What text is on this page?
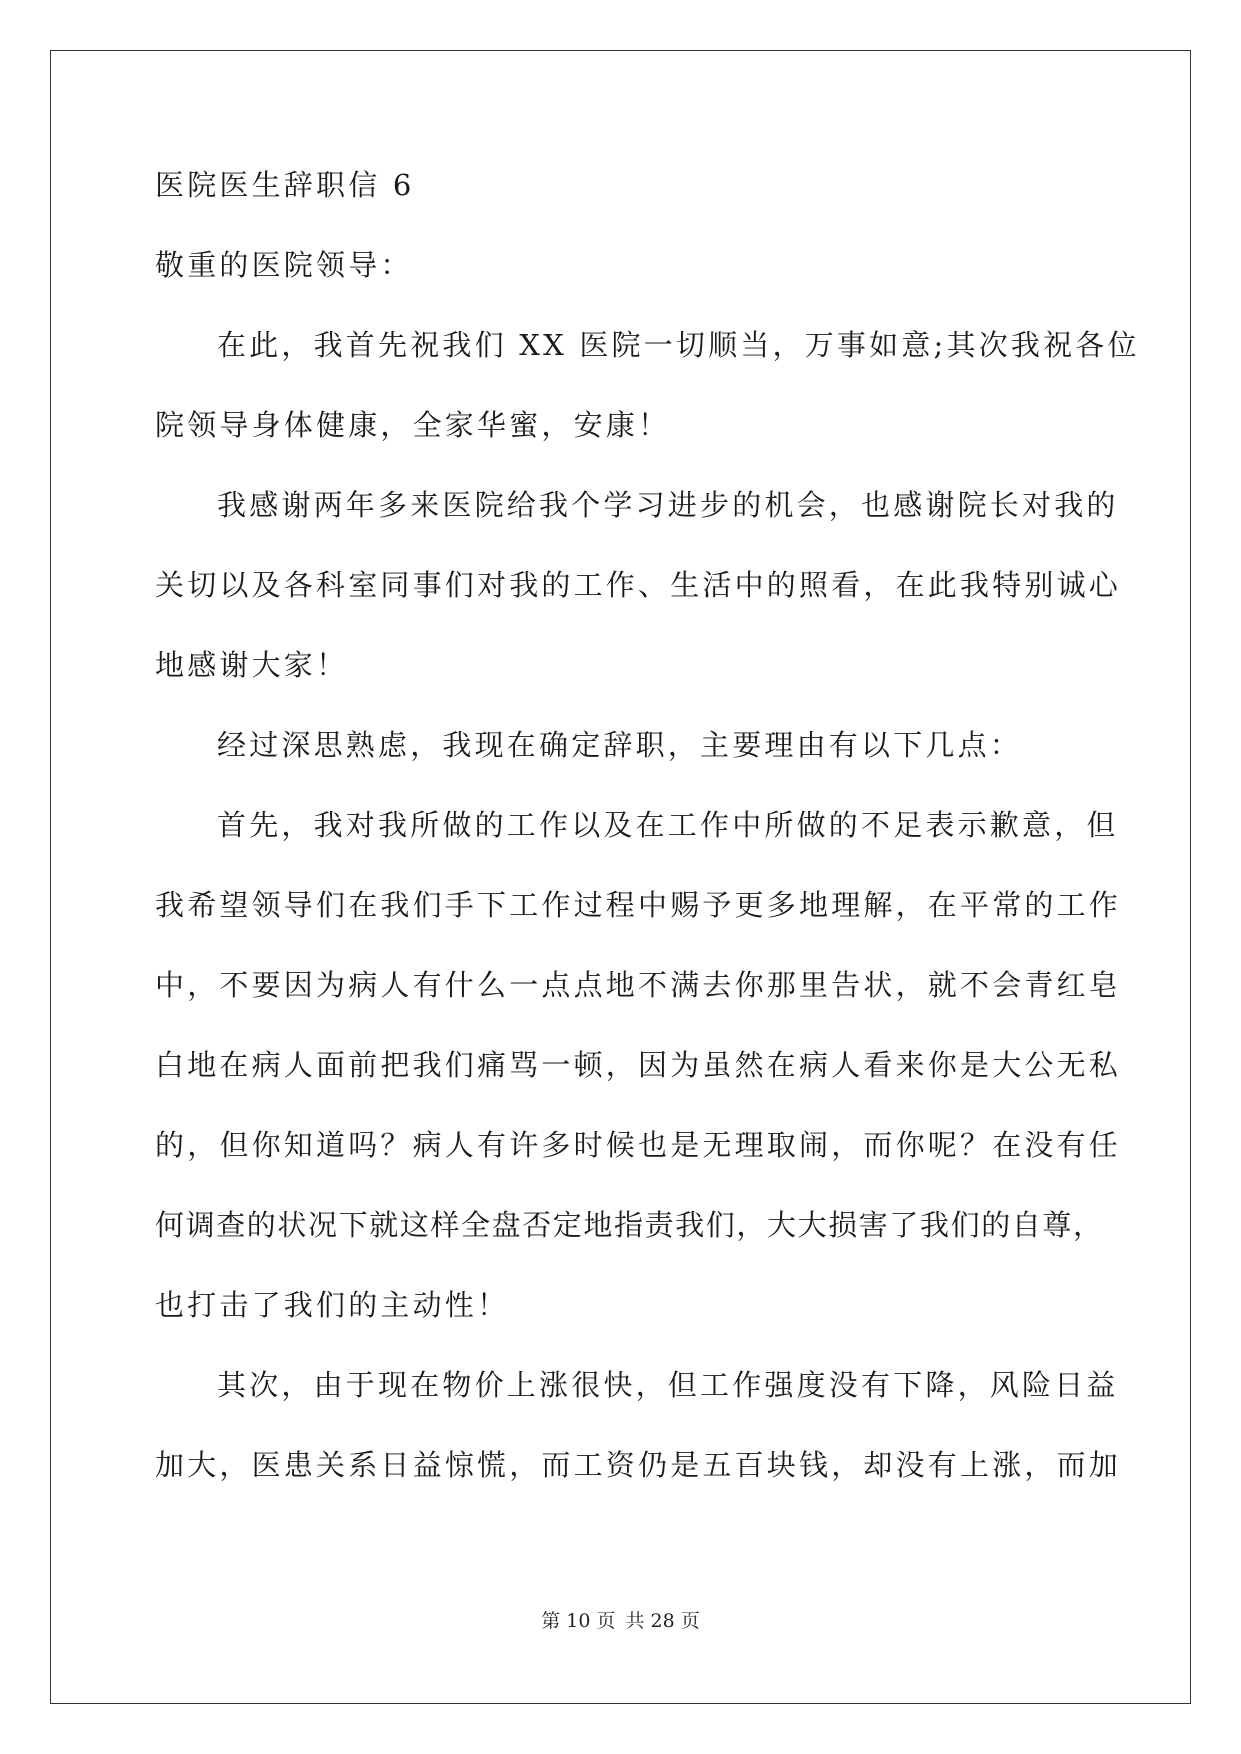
医院医生辞职信 6
敬重的医院领导：
在此，我首先祝我们 XX 医院一切顺当，万事如意;其次我祝各位
院领导身体健康，全家华蜜，安康！
我感谢两年多来医院给我个学习进步的机会，也感谢院长对我的
关切以及各科室同事们对我的工作、生活中的照看，在此我特别诚心
地感谢大家！
经过深思熟虑，我现在确定辞职，主要理由有以下几点：
首先，我对我所做的工作以及在工作中所做的不足表示歉意，但
我希望领导们在我们手下工作过程中赐予更多地理解，在平常的工作
中，不要因为病人有什么一点点地不满去你那里告状，就不会青红皂
白地在病人面前把我们痛骂一顿，因为虽然在病人看来你是大公无私
的，但你知道吗？病人有许多时候也是无理取闹，而你呢？在没有任
何调查的状况下就这样全盘否定地指责我们，大大损害了我们的自尊，
也打击了我们的主动性！
其次，由于现在物价上涨很快，但工作强度没有下降，风险日益
加大，医患关系日益惊慌，而工资仍是五百块钱，却没有上涨，而加
第 10 页 共 28 页
